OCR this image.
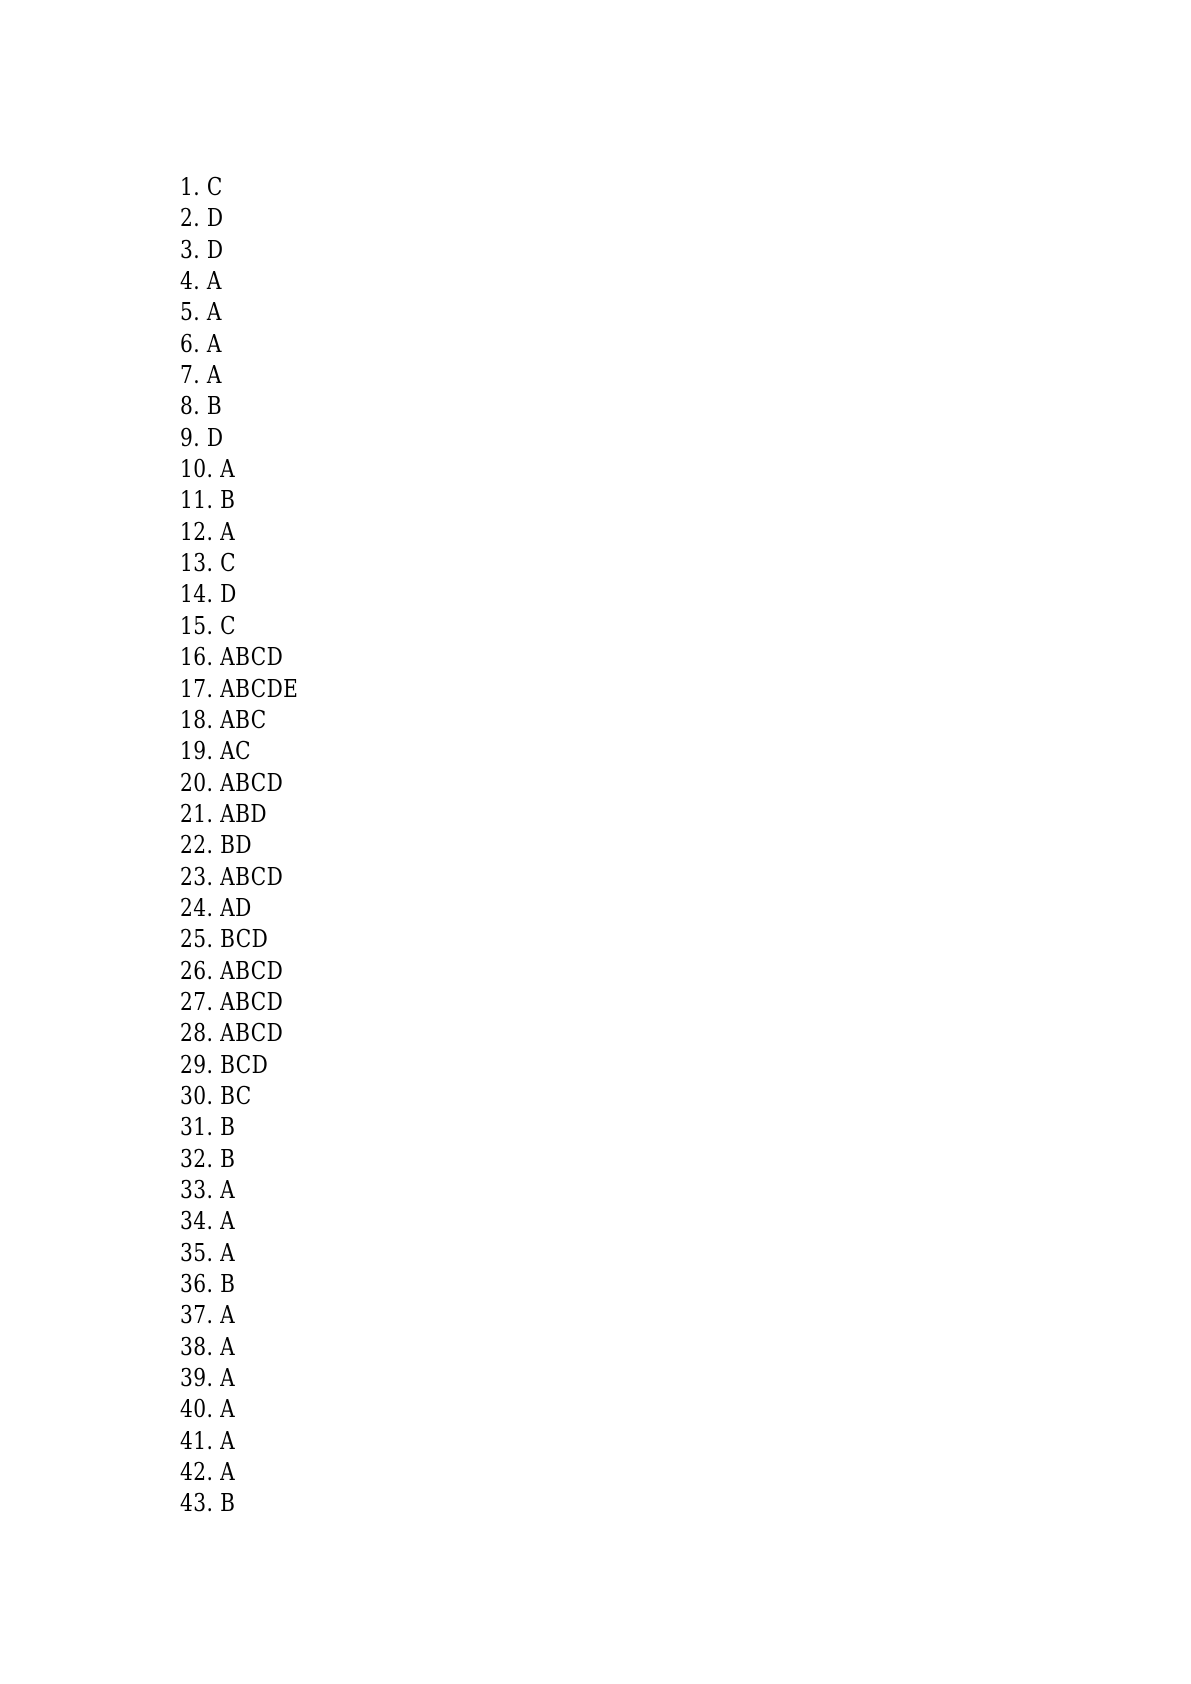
1. C
2. D
3. D
4. A
5. A
6. A
7. A
8. B
9. D
10. A
11. B
12. A
13. C
14. D
15. C
16. ABCD
17. ABCDE
18. ABC
19. AC
20. ABCD
21. ABD
22. BD
23. ABCD
24. AD
25. BCD
26. ABCD
27. ABCD
28. ABCD
29. BCD
30. BC
31. B
32. B
33. A
34. A
35. A
36. B
37. A
38. A
39. A
40. A
41. A
42. A
43. B
